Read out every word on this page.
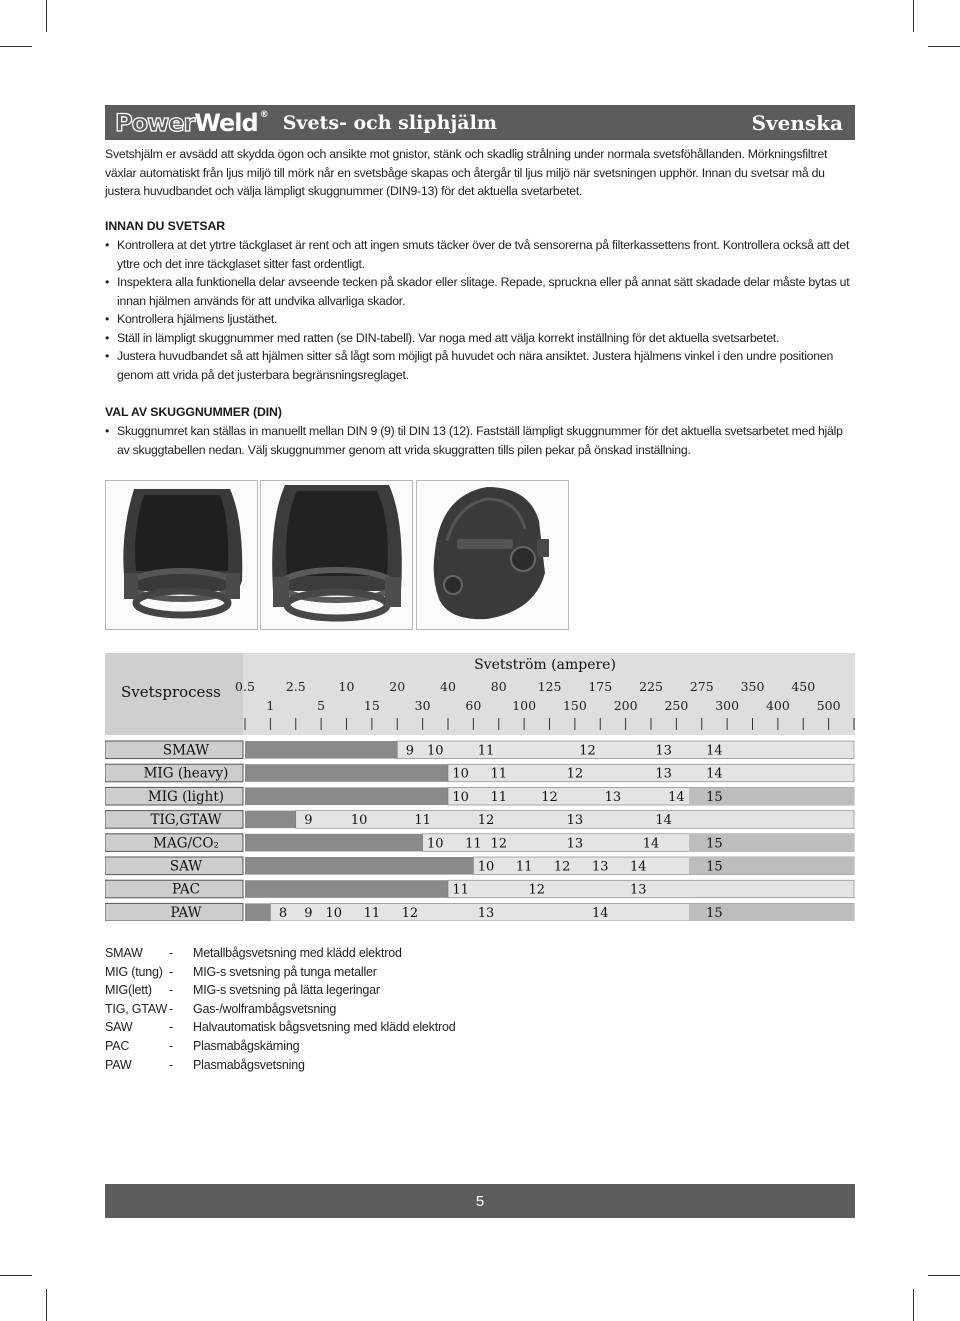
Power Weld ® Svets- och sliphjälm	Svenska
Svetshjälm er avsädd att skydda ögon och ansikte mot gnistor, stänk och skadlig strålning under normala svetsföhållanden. Mörkningsfiltret växlar automatiskt från ljus miljö till mörk når en svetsbåge skapas och återgår til ljus miljö när svetsningen upphör. Innan du svetsar må du justera huvudbandet och välja lämpligt skuggnummer (DIN9-13) för det aktuella svetarbetet.
INNAN DU SVETSAR
• Kontrollera at det ytrtre täckglaset är rent och att ingen smuts täcker över de två sensorerna på filterkassettens front. Kontrollera också att det yttre och det inre täckglaset sitter fast ordentligt.
• Inspektera alla funktionella delar avseende tecken på skador eller slitage. Repade, spruckna eller på annat sätt skadade delar måste bytas ut innan hjälmen används för att undvika allvarliga skador.
• Kontrollera hjälmens ljustäthet.
• Ställ in lämpligt skuggnummer med ratten (se DIN-tabell). Var noga med att välja korrekt inställning för det aktuella svetsarbetet.
• Justera huvudbandet så att hjälmen sitter så lågt som möjligt på huvudet och nära ansiktet. Justera hjälmens vinkel i den undre positionen genom att vrida på det justerbara begränsningsreglaget.
VAL AV SKUGGNUMMER (DIN)
• Skuggnumret kan ställas in manuellt mellan DIN 9 (9) til DIN 13 (12). Fastställ lämpligt skuggnummer för det aktuella svetsarbetet med hjälp av skuggtabellen nedan. Välj skuggnummer genom att vrida skuggratten tills pilen pekar på önskad inställning.
Svetström (ampere)
Svetsprocess 0.5 2.5	10	20	40	80 125 175 225 275 350 450
1	5	15	30	60 100 150 200 250 300 400 500
SMAW	9 10	11	12	13	14
MIG (heavy)	10 11	12	13	14
MIG (light)	10 11	12	13	14 15
TIG,GTAW	9	10	11	12	13	14
MAG/CO₂	10 11 12	13	14	15
SAW	10 11 12 13 14	15
PAC	11	12	13
PAW	8 9 10 11 12	13	14	15
SMAW	-	Metallbågsvetsning med klädd elektrod
MIG (tung) -	MIG-s svetsning på tunga metaller
MIG(lett)	-	MIG-s svetsning på lätta legeringar
TIG, GTAW -	Gas-/wolframbågsvetsning
SAW	-	Halvautomatisk bågsvetsning med klädd elektrod
PAC	-	Plasmabågskärning
PAW	-	Plasmabågsvetsning
5
